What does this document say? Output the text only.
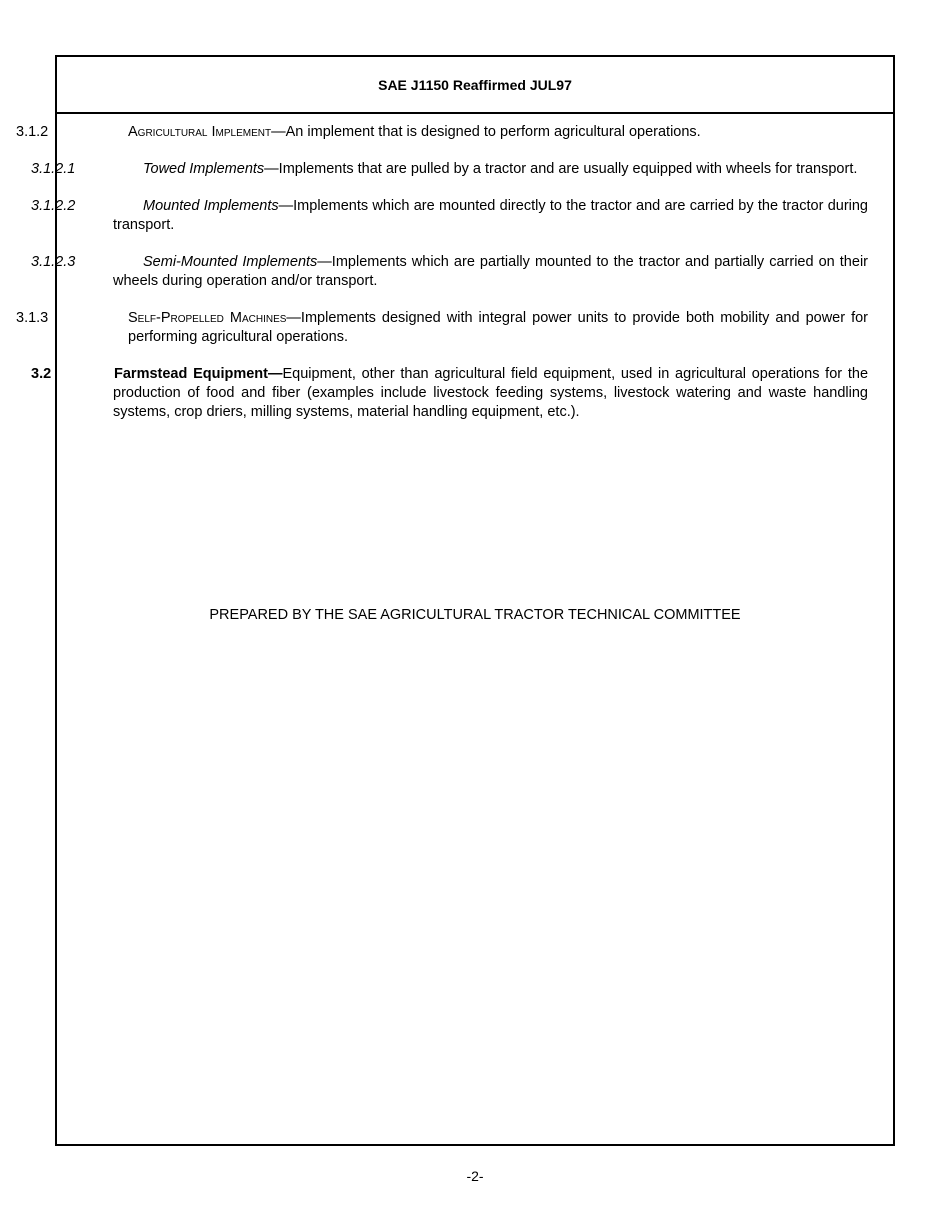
SAE J1150 Reaffirmed JUL97

3.1.2	Agricultural Implement—An implement that is designed to perform agricultural operations.

3.1.2.1	Towed Implements—Implements that are pulled by a tractor and are usually equipped with wheels for transport.

3.1.2.2	Mounted Implements—Implements which are mounted directly to the tractor and are carried by the tractor during transport.

3.1.2.3	Semi-Mounted Implements—Implements which are partially mounted to the tractor and partially carried on their wheels during operation and/or transport.

3.1.3	Self-Propelled Machines—Implements designed with integral power units to provide both mobility and power for performing agricultural operations.

3.2	Farmstead Equipment—Equipment, other than agricultural field equipment, used in agricultural operations for the production of food and fiber (examples include livestock feeding systems, livestock watering and waste handling systems, crop driers, milling systems, material handling equipment, etc.).

PREPARED BY THE SAE AGRICULTURAL TRACTOR TECHNICAL COMMITTEE
-2-
